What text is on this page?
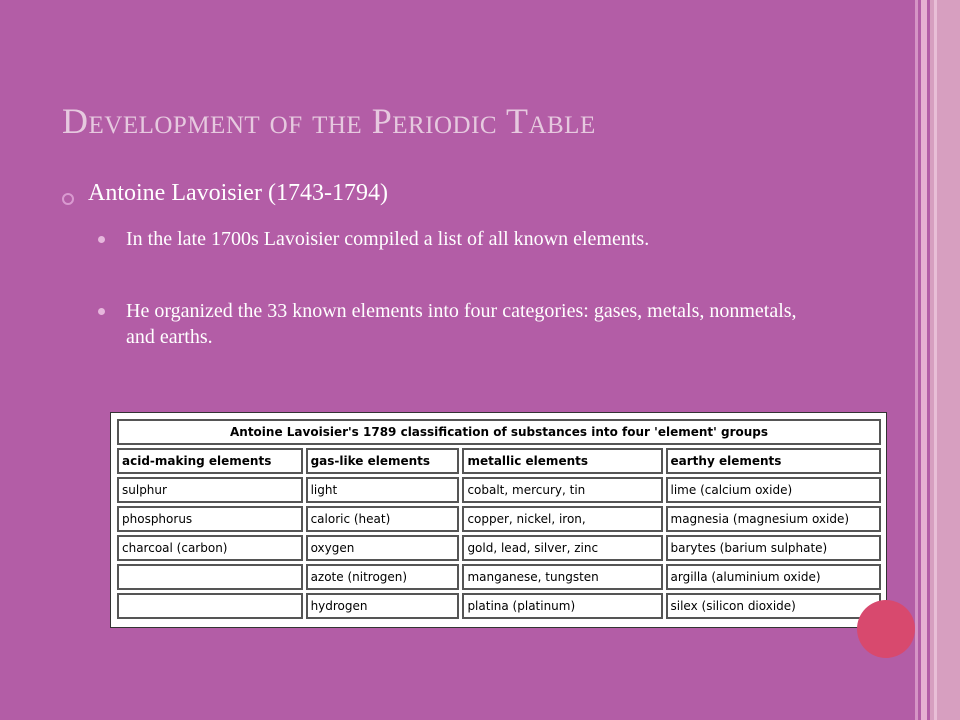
Development of the Periodic Table
Antoine Lavoisier (1743-1794)
In the late 1700s Lavoisier compiled a list of all known elements.
He organized the 33 known elements into four categories: gases, metals, nonmetals, and earths.
Antoine Lavoisier's 1789 classification of substances into four 'element' groups			
acid-making elements	gas-like elements	metallic elements	earthy elements
sulphur	light	cobalt, mercury, tin	lime (calcium oxide)
phosphorus	caloric (heat)	copper, nickel, iron,	magnesia (magnesium oxide)
charcoal (carbon)	oxygen	gold, lead, silver, zinc	barytes (barium sulphate)
	azote (nitrogen)	manganese, tungsten	argilla (aluminium oxide)
	hydrogen	platina (platinum)	silex (silicon dioxide)
